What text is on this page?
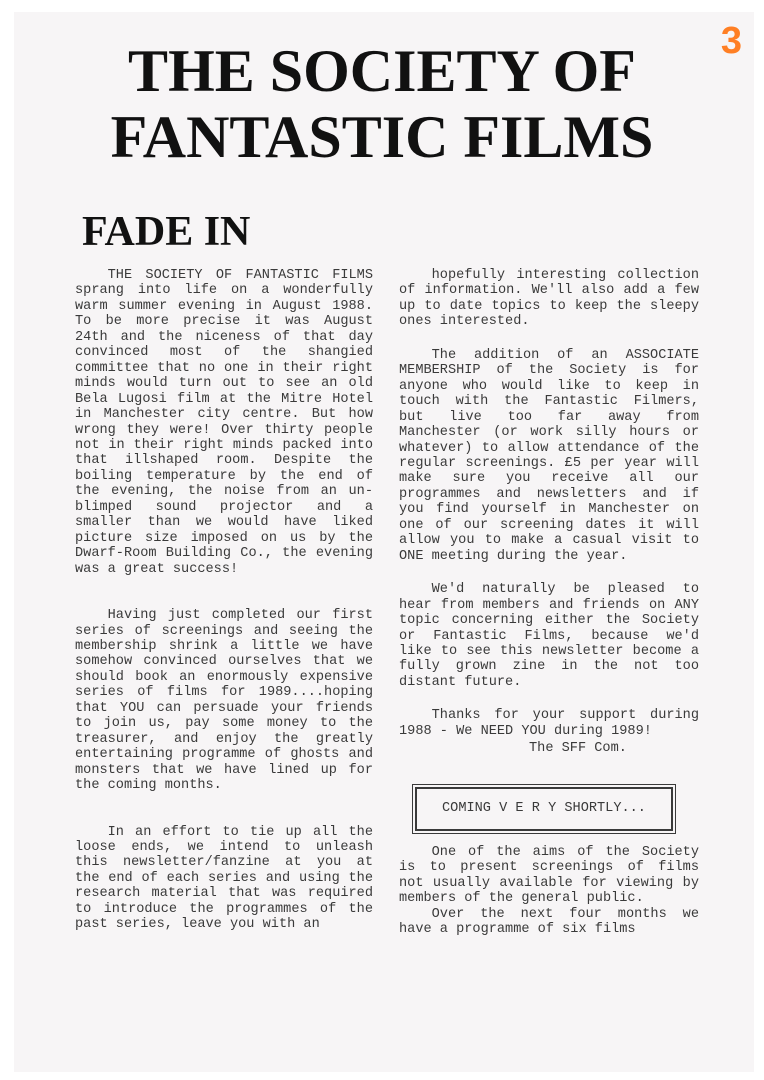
3
THE SOCIETY OF
FANTASTIC FILMS
FADE IN

THE SOCIETY OF FANTASTIC FILMS sprang into life on a wonderfully warm summer evening in August 1988. To be more precise it was August 24th and the niceness of that day convinced most of the shangied committee that no one in their right minds would turn out to see an old Bela Lugosi film at the Mitre Hotel in Manchester city centre. But how wrong they were! Over thirty people not in their right minds packed into that illshaped room. Despite the boiling temperature by the end of the evening, the noise from an un-blimped sound projector and a smaller than we would have liked picture size imposed on us by the Dwarf-Room Building Co., the evening was a great success!

Having just completed our first series of screenings and seeing the membership shrink a little we have somehow convinced ourselves that we should book an enormously expensive series of films for 1989....hoping that YOU can persuade your friends to join us, pay some money to the treasurer, and enjoy the greatly entertaining programme of ghosts and monsters that we have lined up for the coming months.

In an effort to tie up all the loose ends, we intend to unleash this newsletter/fanzine at you at the end of each series and using the research material that was required to introduce the programmes of the past series, leave you with an

hopefully interesting collection of information. We'll also add a few up to date topics to keep the sleepy ones interested.

The addition of an ASSOCIATE MEMBERSHIP of the Society is for anyone who would like to keep in touch with the Fantastic Filmers, but live too far away from Manchester (or work silly hours or whatever) to allow attendance of the regular screenings. £5 per year will make sure you receive all our programmes and newsletters and if you find yourself in Manchester on one of our screening dates it will allow you to make a casual visit to ONE meeting during the year.

We'd naturally be pleased to hear from members and friends on ANY topic concerning either the Society or Fantastic Films, because we'd like to see this newsletter become a fully grown zine in the not too distant future.

Thanks for your support during 1988 - We NEED YOU during 1989!

The SFF Com.

COMING V E R Y SHORTLY...

One of the aims of the Society is to present screenings of films not usually available for viewing by members of the general public.

Over the next four months we have a programme of six films
